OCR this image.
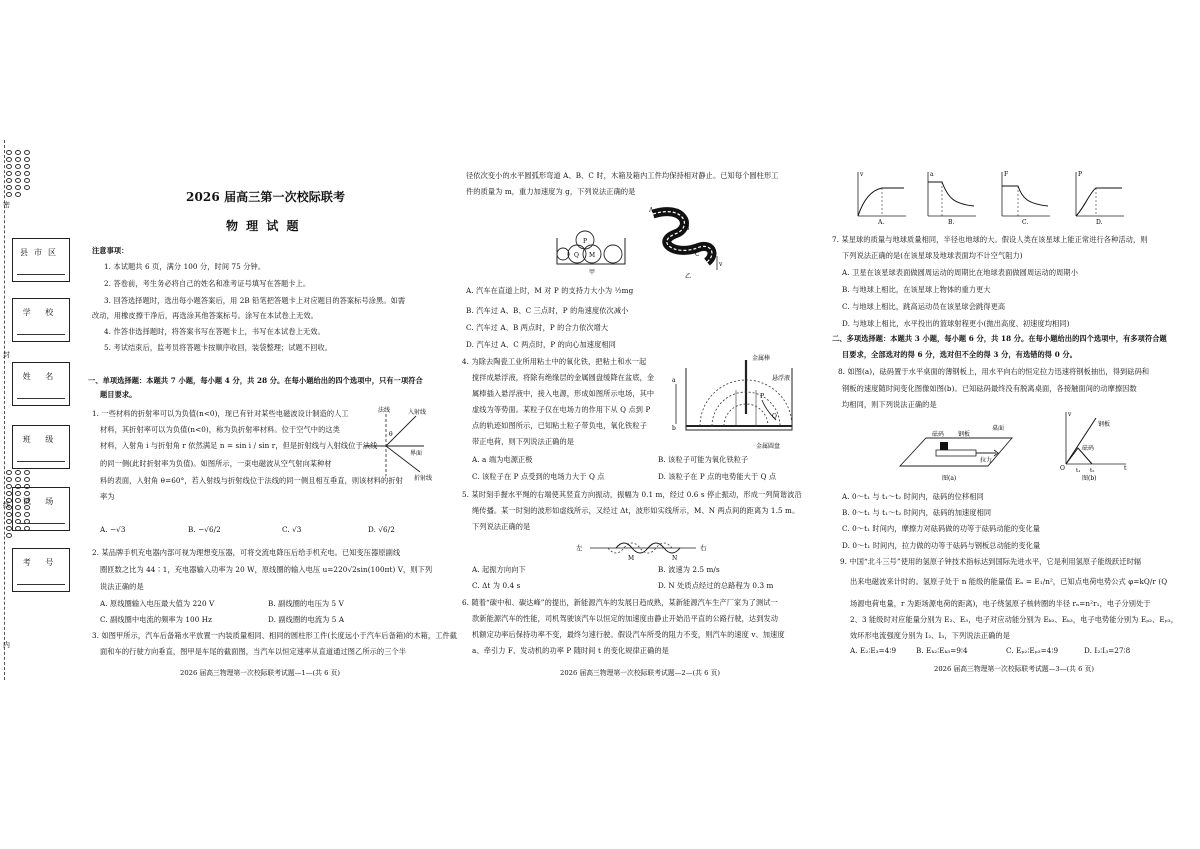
密
封
线
内
县市区
学 校
姓 名
班 级
试 场
考 号
2026 届高三第一次校际联考
物 理 试 题
注意事项：
1. 本试题共 6 页，满分 100 分，时间 75 分钟。
2. 答卷前，考生务必将自己的姓名和准考证号填写在答题卡上。
3. 回答选择题时，选出每小题答案后，用 2B 铅笔把答题卡上对应题目的答案标号涂黑。如需
改动，用橡皮擦干净后，再选涂其他答案标号。涂写在本试卷上无效。
4. 作答非选择题时，将答案书写在答题卡上，书写在本试卷上无效。
5. 考试结束后，监考员将答题卡按顺序收回，装袋整理；试题不回收。
一、单项选择题：本题共 7 小题，每小题 4 分，共 28 分。在每小题给出的四个选项中，只有一项符合
题目要求。
1. 一些材料的折射率可以为负值(n<0)，现已有针对某些电磁波设计制造的人工
材料，其折射率可以为负值(n<0)，称为负折射率材料。位于空气中的这类
材料，入射角 i 与折射角 r 依然满足 n = sin i / sin r，但是折射线与入射线位于法线
的同一侧(此时折射率为负值)。如图所示，一束电磁波从空气射向某种材
料的表面，入射角 θ=60°，若入射线与折射线位于法线的同一侧且相互垂直，则该材料的折射
率为
法线	入射线
界面
折射线
θ
A. −√3	B. −√6/2	C. √3	D. √6/2
2. 某品牌手机充电器内部可视为理想变压器，可将交流电降压后给手机充电。已知变压器原副线
圈匝数之比为 44∶1，充电器输入功率为 20 W，原线圈的输入电压 u=220√2sin(100πt) V，则下列
说法正确的是
A. 原线圈输入电压最大值为 220 V	B. 副线圈的电压为 5 V
C. 副线圈中电流的频率为 100 Hz	D. 副线圈的电流为 5 A
3. 如图甲所示，汽车后备箱水平放置一内装质量相同、相同的圆柱形工件(长度远小于汽车后备箱)的木箱，工件截
面和车的行驶方向垂直，图甲是车尾的截面图，当汽车以恒定速率从直道通过图乙所示的三个半
2026 届高三物理第一次校际联考试题—1—(共 6 页)
径依次变小的水平圆弧形弯道 A、B、C 时，木箱及箱内工件均保持相对静止。已知每个圆柱形工
件的质量为 m，重力加速度为 g，下列说法正确的是
P
Q M
甲
v
A
B
C
乙
A. 汽车在直道上时，M 对 P 的支持力大小为 ½mg
B. 汽车过 A、B、C 三点时，P 的角速度依次减小
C. 汽车过 A、B 两点时，P 的合力依次增大
D. 汽车过 A、C 两点时，P 的向心加速度相同
4. 为除去陶瓷工业所用粘土中的氧化铁，把粘土和水一起
搅拌成悬浮液，将除有绝缘层的金属圆盘缓降在盆底，金
属棒插入悬浮液中，接入电源，形成如图所示电场，其中
虚线为等势面。某粒子仅在电场力的作用下从 Q 点到 P
点的轨迹如图所示，已知粘土粒子带负电，氧化铁粒子
带正电荷，则下列说法正确的是
金属棒
悬浮液
金属圆盘
a
b
P
Q
A. a 端为电源正极	B. 该粒子可能为氧化铁粒子
C. 该粒子在 P 点受到的电场力大于 Q 点	D. 该粒子在 P 点的电势能大于 Q 点
5. 某时刻手握水平绳的右端使其竖直方向振动，振幅为 0.1 m，经过 0.6 s 停止振动，形成一列简谐波沿
绳传播。某一时刻的波形如虚线所示，又经过 Δt，波形如实线所示，M、N 两点间的距离为 1.5 m。
下列说法正确的是
左	右
M	N
A. 起振方向向下	B. 波速为 2.5 m/s
C. Δt 为 0.4 s	D. N 处质点经过的总路程为 0.3 m
6. 随着“碳中和、碳达峰”的提出，新能源汽车的发展日趋成熟，某新能源汽车生产厂家为了测试一
款新能源汽车的性能，司机驾驶该汽车以恒定的加速度由静止开始沿平直的公路行驶，达到发动
机额定功率后保持功率不变，最终匀速行驶。假设汽车所受的阻力不变，则汽车的速度 v、加速度
a、牵引力 F、发动机的功率 P 随时间 t 的变化规律正确的是
2026 届高三物理第一次校际联考试题—2—(共 6 页)
v
A.
a
B.
F
C.
P
D.
7. 某星球的质量与地球质量相同，半径也地球的大。假设人类在该星球上能正常进行各种活动，则
下列说法正确的是(在该星球及地球表面均不计空气阻力)
A. 卫星在该星球表面做圆周运动的周期比在地球表面做圆周运动的周期小
B. 与地球上相比，在该星球上物体的重力更大
C. 与地球上相比，跳高运动员在该星球会跳得更高
D. 与地球上相比，水平投出的篮球射程更小(抛出高度、初速度均相同)
二、多项选择题：本题共 3 小题，每小题 6 分，共 18 分。在每小题给出的四个选项中，有多项符合题
目要求，全部选对的得 6 分，选对但不全的得 3 分，有选错的得 0 分。
8. 如图(a)，砝码置于水平桌面的薄钢板上，用水平向右的恒定拉力迅速将钢板抽出，得到砝码和
钢板的速度随时间变化图像如图(b)。已知砝码最终没有脱离桌面，各接触面间的动摩擦因数
均相同，则下列说法正确的是
砝码 钢板
桌面
拉力
图(a)
v
t
O t₁ t₂
钢板
砝码
图(b)
A. 0～t₁ 与 t₁～t₂ 时间内，砝码的位移相同
B. 0～t₁ 与 t₁～t₂ 时间内，砝码的加速度相同
C. 0～t₁ 时间内，摩擦力对砝码做的功等于砝码动能的变化量
D. 0～t₁ 时间内，拉力做的功等于砝码与钢板总动能的变化量
9. 中国“北斗三号”使用的氢原子钟技术指标达到国际先进水平，它是利用氢原子能级跃迁时辐
出来电磁波来计时的。氢原子处于 n 能级的能量值 Eₙ = E₁/n²，已知点电荷电势公式 φ=kQ/r (Q
场源电荷电量，r 为距场源电荷的距离)，电子绕氢原子核转圈的半径 rₙ=n²r₁，电子分别处于
2、3 能级时对应能量分别为 E₂、E₃，电子对应动能分别为 Eₖ₂、Eₖ₃，电子电势能分别为 Eₚ₂、Eₚ₃，
效环形电流强度分别为 I₂、I₃，下列说法正确的是
A. E₂∶E₃=4∶9	B. Eₖ₂∶Eₖ₃=9∶4	C. Eₚ₂∶Eₚ₃=4∶9	D. I₂∶I₃=27∶8
2026 届高三物理第一次校际联考试题—3—(共 6 页)
